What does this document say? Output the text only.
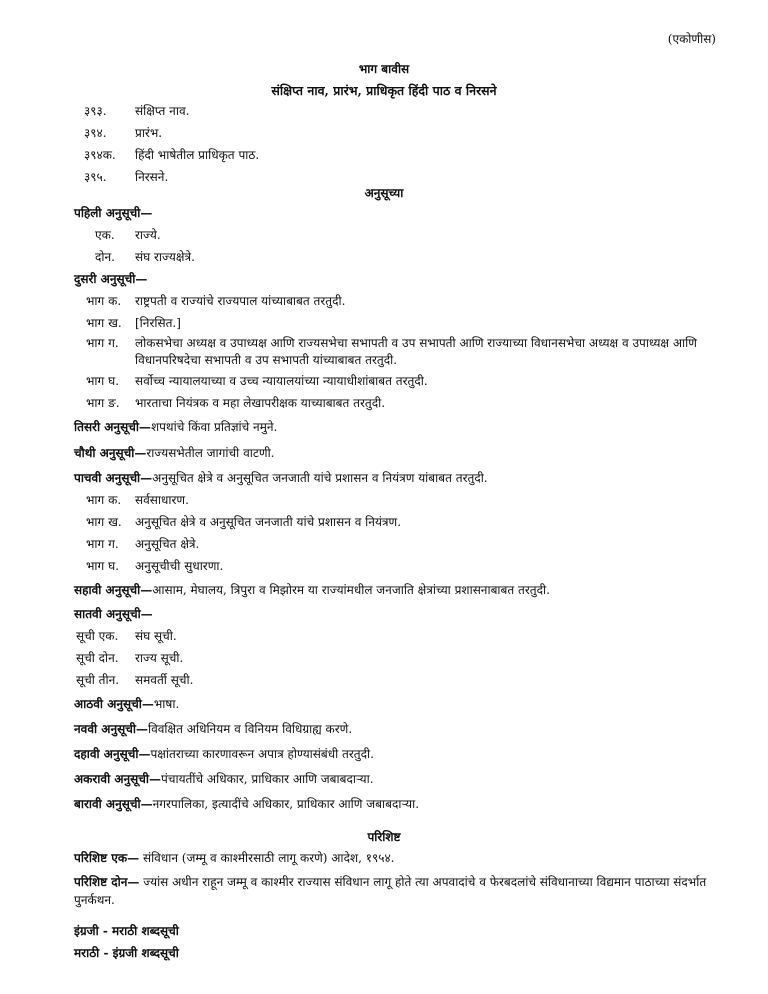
(एकोणीस)
भाग बावीस
संक्षिप्त नाव, प्रारंभ, प्राधिकृत हिंदी पाठ व निरसने
३९३. संक्षिप्त नाव.
३९४. प्रारंभ.
३९४क. हिंदी भाषेतील प्राधिकृत पाठ.
३९५. निरसने.
अनुसूच्या
पहिली अनुसूची—
एक. राज्ये.
दोन. संघ राज्यक्षेत्रे.
दुसरी अनुसूची—
भाग क. राष्ट्रपती व राज्यांचे राज्यपाल यांच्याबाबत तरतुदी.
भाग ख. [निरसित.]
भाग ग. लोकसभेचा अध्यक्ष व उपाध्यक्ष आणि राज्यसभेचा सभापती व उप सभापती आणि राज्याच्या विधानसभेचा अध्यक्ष व उपाध्यक्ष आणि विधानपरिषदेचा सभापती व उप सभापती यांच्याबाबत तरतुदी.
भाग घ. सर्वोच्च न्यायालयाच्या व उच्च न्यायालयांच्या न्यायाधीशांबाबत तरतुदी.
भाग ङ. भारताचा नियंत्रक व महा लेखापरीक्षक याच्याबाबत तरतुदी.
तिसरी अनुसूची—शपथांचे किंवा प्रतिज्ञांचे नमुने.
चौथी अनुसूची—राज्यसभेतील जागांची वाटणी.
पाचवी अनुसूची—अनुसूचित क्षेत्रे व अनुसूचित जनजाती यांचे प्रशासन व नियंत्रण यांबाबत तरतुदी.
भाग क. सर्वसाधारण.
भाग ख. अनुसूचित क्षेत्रे व अनुसूचित जनजाती यांचे प्रशासन व नियंत्रण.
भाग ग. अनुसूचित क्षेत्रे.
भाग घ. अनुसूचीची सुधारणा.
सहावी अनुसूची—आसाम, मेघालय, त्रिपुरा व मिझोरम या राज्यांमधील जनजाति क्षेत्रांच्या प्रशासनाबाबत तरतुदी.
सातवी अनुसूची—
सूची एक. संघ सूची.
सूची दोन. राज्य सूची.
सूची तीन. समवर्ती सूची.
आठवी अनुसूची—भाषा.
नववी अनुसूची—विवक्षित अधिनियम व विनियम विधिग्राह्य करणे.
दहावी अनुसूची—पक्षांतराच्या कारणावरून अपात्र होण्यासंबंधी तरतुदी.
अकरावी अनुसूची—पंचायतींचे अधिकार, प्राधिकार आणि जबाबदाऱ्या.
बारावी अनुसूची—नगरपालिका, इत्यादींचे अधिकार, प्राधिकार आणि जबाबदाऱ्या.
परिशिष्ट
परिशिष्ट एक— संविधान (जम्मू व काश्मीरसाठी लागू करणे) आदेश, १९५४.
परिशिष्ट दोन— ज्यांस अधीन राहून जम्मू व काश्मीर राज्यास संविधान लागू होते त्या अपवादांचे व फेरबदलांचे संविधानाच्या विद्यमान पाठाच्या संदर्भात पुनर्कथन.
इंग्रजी - मराठी शब्दसूची
मराठी - इंग्रजी शब्दसूची
